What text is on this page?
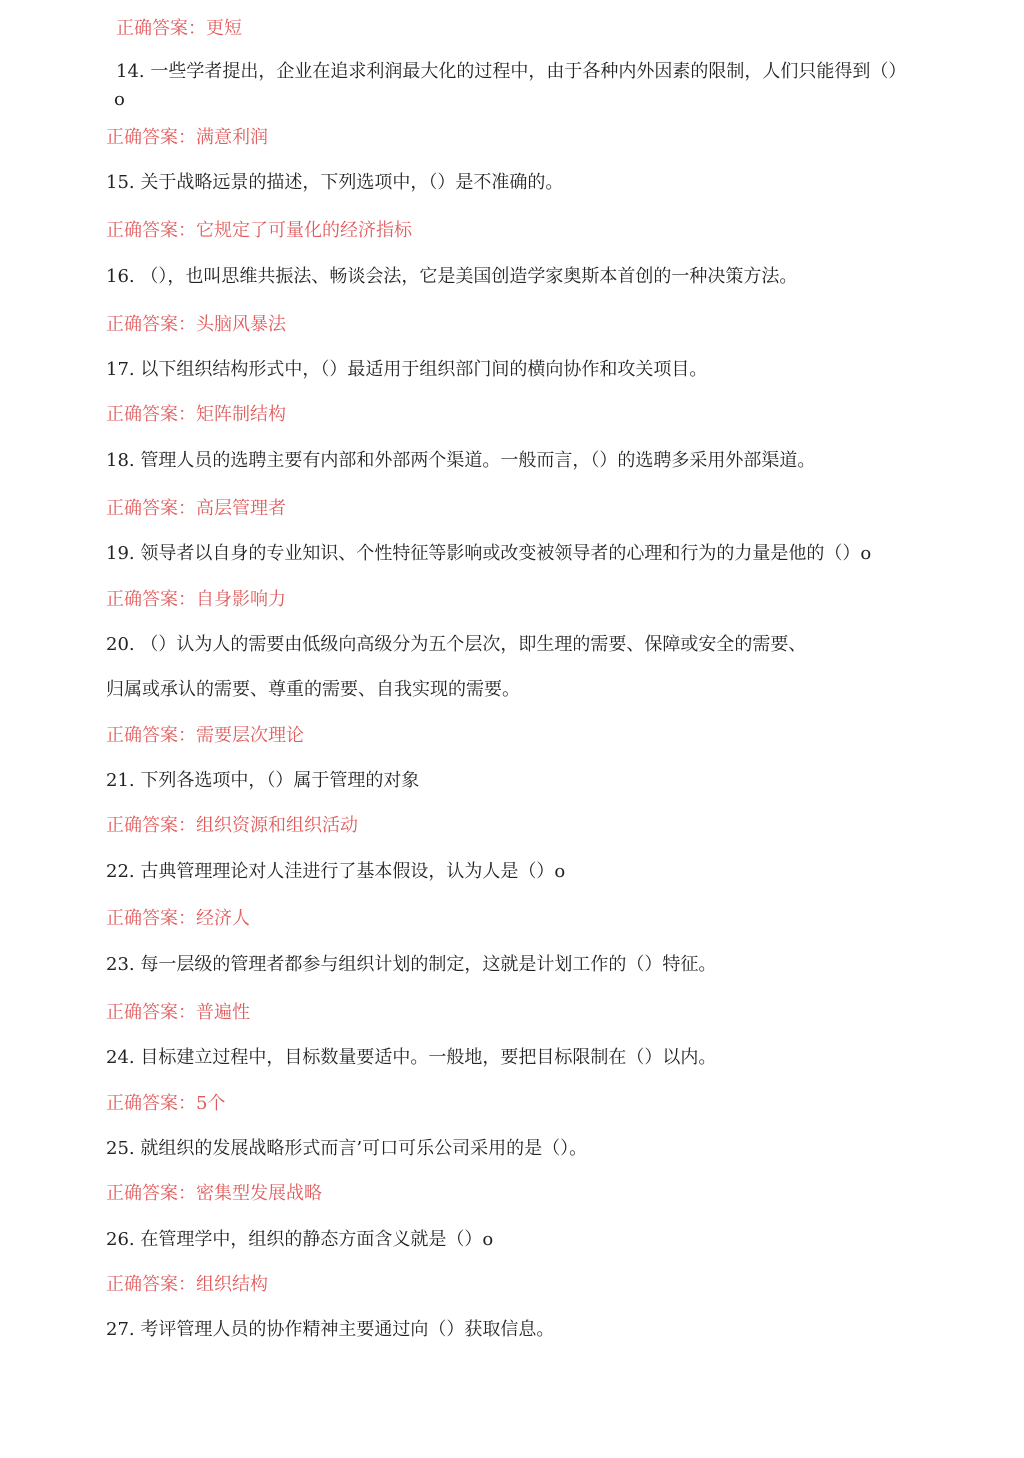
正确答案：更短
14. 一些学者提出，企业在追求利润最大化的过程中，由于各种内外因素的限制，人们只能得到（）
o
正确答案：满意利润
15. 关于战略远景的描述，下列选项中，（）是不准确的。
正确答案：它规定了可量化的经济指标
16. （），也叫思维共振法、畅谈会法，它是美国创造学家奥斯本首创的一种决策方法。
正确答案：头脑风暴法
17. 以下组织结构形式中，（）最适用于组织部门间的横向协作和攻关项目。
正确答案：矩阵制结构
18. 管理人员的选聘主要有内部和外部两个渠道。一般而言，（）的选聘多采用外部渠道。
正确答案：高层管理者
19. 领导者以自身的专业知识、个性特征等影响或改变被领导者的心理和行为的力量是他的（）o
正确答案：自身影响力
20. （）认为人的需要由低级向高级分为五个层次，即生理的需要、保障或安全的需要、
归属或承认的需要、尊重的需要、自我实现的需要。
正确答案：需要层次理论
21. 下列各选项中，（）属于管理的对象
正确答案：组织资源和组织活动
22. 古典管理理论对人洼进行了基本假设，认为人是（）o
正确答案：经济人
23. 每一层级的管理者都参与组织计划的制定，这就是计划工作的（）特征。
正确答案：普遍性
24. 目标建立过程中，目标数量要适中。一般地，要把目标限制在（）以内。
正确答案：5个
25. 就组织的发展战略形式而言’可口可乐公司采用的是（）。
正确答案：密集型发展战略
26. 在管理学中，组织的静态方面含义就是（）o
正确答案：组织结构
27. 考评管理人员的协作精神主要通过向（）获取信息。
